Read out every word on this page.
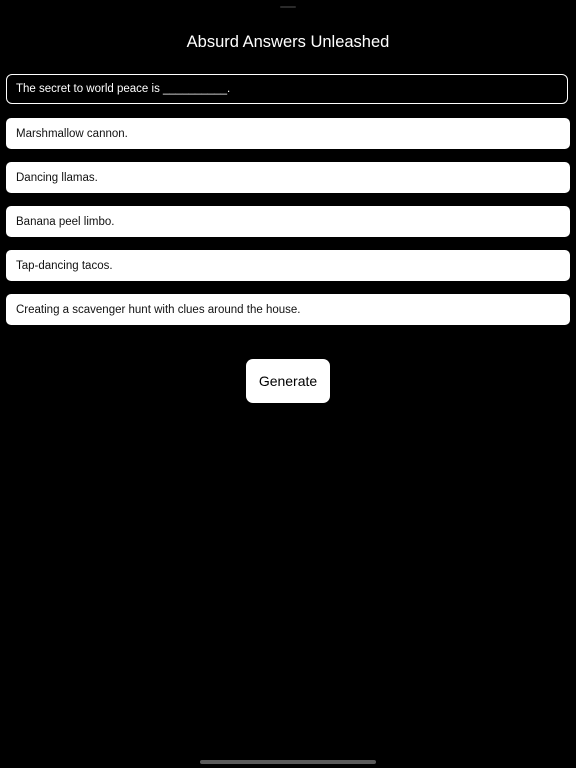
Absurd Answers Unleashed
The secret to world peace is __________.
Marshmallow cannon.
Dancing llamas.
Banana peel limbo.
Tap-dancing tacos.
Creating a scavenger hunt with clues around the house.
Generate
